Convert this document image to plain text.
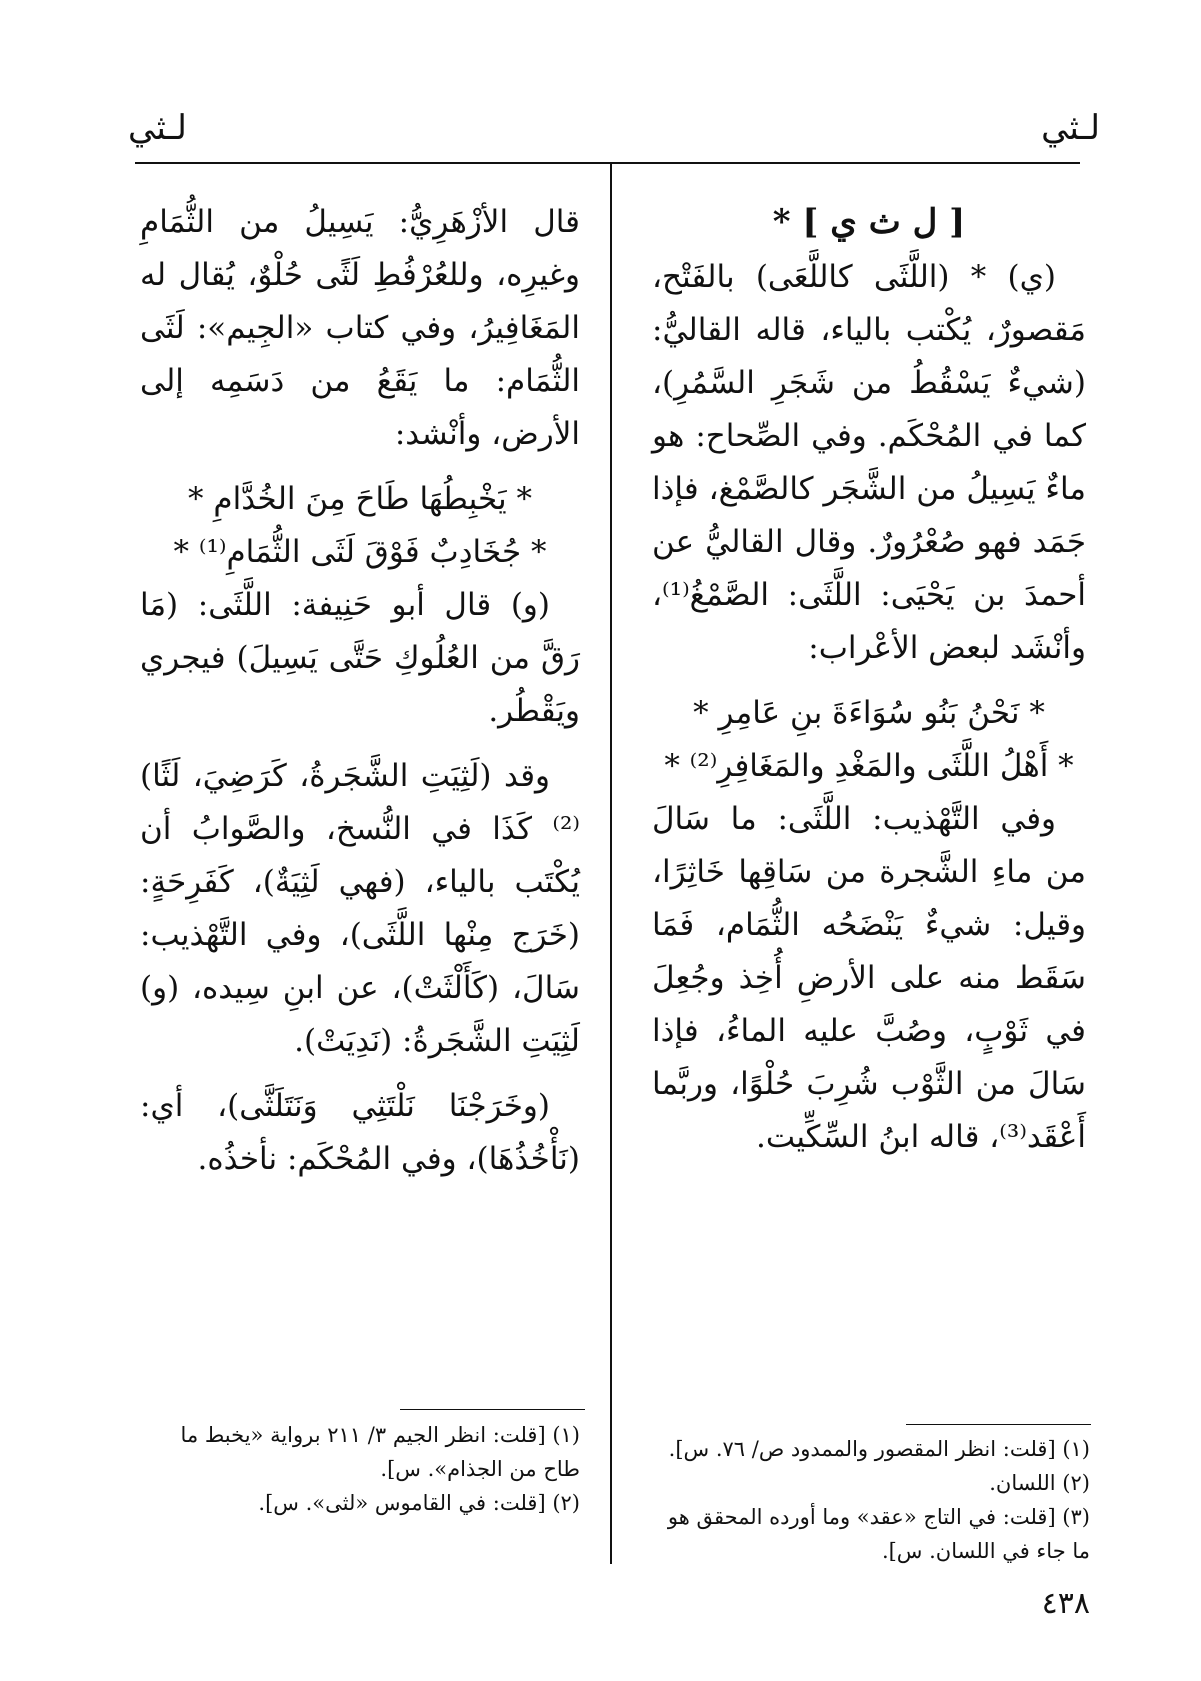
لـثي
لـثي

[ ل ث ي ] *

(ي) * (اللَّثَى كاللَّعَى) بالفَتْح، مَقصورٌ، يُكْتب بالياء، قاله القاليُّ: (شيءٌ يَسْقُطُ من شَجَرِ السَّمُرِ)، كما في المُحْكَم. وفي الصِّحاح: هو ماءٌ يَسِيلُ من الشَّجَر كالصَّمْغ، فإذا جَمَد فهو صُعْرُورٌ. وقال القاليُّ عن أحمدَ بن يَحْيَى: اللَّثَى: الصَّمْغُ⁽¹⁾، وأنْشَد لبعض الأعْراب:

* نَحْنُ بَنُو سُوَاءَةَ بنِ عَامِرِ *

* أَهْلُ اللَّثَى والمَغْدِ والمَغَافِرِ⁽²⁾ *

وفي التَّهْذيب: اللَّثَى: ما سَالَ من ماءِ الشَّجرة من سَاقِها خَاثِرًا، وقيل: شيءٌ يَنْضَحُه الثُّمَام، فَمَا سَقَط منه على الأرضِ أُخِذ وجُعِلَ في ثَوْبٍ، وصُبَّ عليه الماءُ، فإذا سَالَ من الثَّوْب شُرِبَ حُلْوًا، وربَّما أَعْقَد⁽³⁾، قاله ابنُ السِّكِّيت.

قال الأزْهَرِيُّ: يَسِيلُ من الثُّمَامِ وغيرِه، وللعُرْفُطِ لَثًى حُلْوٌ، يُقال له المَغَافِيرُ، وفي كتاب «الجِيم»: لَثَى الثُّمَام: ما يَقَعُ من دَسَمِه إلى الأرض، وأنْشد:

* يَخْبِطُهَا طَاحَ مِنَ الخُدَّامِ *

* جُخَادِبٌ فَوْقَ لَثَى الثُّمَامِ⁽¹⁾ *

(و) قال أبو حَنِيفة: اللَّثَى: (مَا رَقَّ من العُلُوكِ حَتَّى يَسِيلَ) فيجري ويَقْطُر.

وقد (لَثِيَتِ الشَّجَرةُ، كَرَضِيَ، لَثًا)⁽²⁾ كَذَا في النُّسخ، والصَّوابُ أن يُكْتَب بالياء، (فهي لَثِيَةٌ)، كَفَرِحَةٍ: (خَرَج مِنْها اللَّثَى)، وفي التَّهْذيب: سَالَ، (كَأَلْثَتْ)، عن ابنِ سِيده، (و) لَثِيَتِ الشَّجَرةُ: (نَدِيَتْ).

(وخَرَجْنَا نَلْتَثِي وَنَتَلَثَّى)، أي: (نَأْخُذُهَا)، وفي المُحْكَم: نأخذُه.

(١) [قلت: انظر المقصور والممدود ص/ ٧٦. س].

(٢) اللسان.

(٣) [قلت: في التاج «عقد» وما أورده المحقق هو ما جاء في اللسان. س].

(١) [قلت: انظر الجيم ٣/ ٢١١ برواية «يخبط ما طاح من الجذام». س].

(٢) [قلت: في القاموس «لثى». س].

٤٣٨
